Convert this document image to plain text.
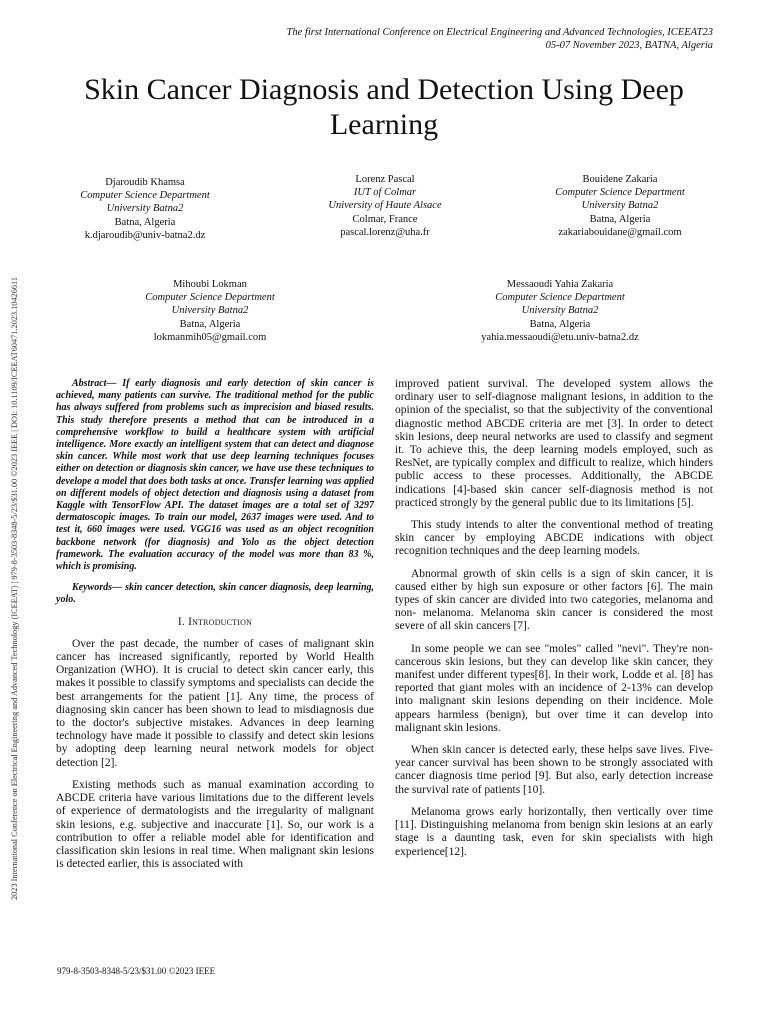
The first International Conference on Electrical Engineering and Advanced Technologies, ICEEAT23
05-07 November 2023, BATNA, Algeria
2023 International Conference on Electrical Engineering and Advanced Technology (ICEEAT) | 979-8-3503-8348-5/23/$31.00 ©2023 IEEE | DOI: 10.1109/ICEEAT60471.2023.10426611
Skin Cancer Diagnosis and Detection Using Deep Learning
Djaroudib Khamsa
Computer Science Department
University Batna2
Batna, Algeria
k.djaroudib@univ-batna2.dz
Lorenz Pascal
IUT of Colmar
University of Haute Alsace
Colmar, France
pascal.lorenz@uha.fr
Bouidene Zakaria
Computer Science Department
University Batna2
Batna, Algeria
zakariabouidane@gmail.com
Mihoubi Lokman
Computer Science Department
University Batna2
Batna, Algeria
lokmanmih05@gmail.com
Messaoudi Yahia Zakaria
Computer Science Department
University Batna2
Batna, Algeria
yahia.messaoudi@etu.univ-batna2.dz

Abstract— If early diagnosis and early detection of skin cancer is achieved, many patients can survive. The traditional method for the public has always suffered from problems such as imprecision and biased results. This study therefore presents a method that can be introduced in a comprehensive workflow to build a healthcare system with artificial intelligence. More exactly an intelligent system that can detect and diagnose skin cancer. While most work that use deep learning techniques focuses either on detection or diagnosis skin cancer, we have use these techniques to develope a model that does both tasks at once. Transfer learning was applied on different models of object detection and diagnosis using a dataset from Kaggle with TensorFlow API. The dataset images are a total set of 3297 dermatoscopic images. To train our model, 2637 images were used. And to test it, 660 images were used. VGG16 was used as an object recognition backbone network (for diagnosis) and Yolo as the object detection framework. The evaluation accuracy of the model was more than 83 %, which is promising.

Keywords— skin cancer detection, skin cancer diagnosis, deep learning, yolo.

I. Introduction

Over the past decade, the number of cases of malignant skin cancer has increased significantly, reported by World Health Organization (WHO). It is crucial to detect skin cancer early, this makes it possible to classify symptoms and specialists can decide the best arrangements for the patient [1]. Any time, the process of diagnosing skin cancer has been shown to lead to misdiagnosis due to the doctor's subjective mistakes. Advances in deep learning technology have made it possible to classify and detect skin lesions by adopting deep learning neural network models for object detection [2].

Existing methods such as manual examination according to ABCDE criteria have various limitations due to the different levels of experience of dermatologists and the irregularity of malignant skin lesions, e.g. subjective and inaccurate [1]. So, our work is a contribution to offer a reliable model able for identification and classification skin lesions in real time. When malignant skin lesions is detected earlier, this is associated with

improved patient survival. The developed system allows the ordinary user to self-diagnose malignant lesions, in addition to the opinion of the specialist, so that the subjectivity of the conventional diagnostic method ABCDE criteria are met [3]. In order to detect skin lesions, deep neural networks are used to classify and segment it. To achieve this, the deep learning models employed, such as ResNet, are typically complex and difficult to realize, which hinders public access to these processes. Additionally, the ABCDE indications [4]-based skin cancer self-diagnosis method is not practiced strongly by the general public due to its limitations [5].

This study intends to alter the conventional method of treating skin cancer by employing ABCDE indications with object recognition techniques and the deep learning models.

Abnormal growth of skin cells is a sign of skin cancer, it is caused either by high sun exposure or other factors [6]. The main types of skin cancer are divided into two categories, melanoma and non- melanoma. Melanoma skin cancer is considered the most severe of all skin cancers [7].

In some people we can see "moles" called "nevi". They're non-cancerous skin lesions, but they can develop like skin cancer, they manifest under different types[8]. In their work, Lodde et al. [8] has reported that giant moles with an incidence of 2-13% can develop into malignant skin lesions depending on their incidence. Mole appears harmless (benign), but over time it can develop into malignant skin lesions.

When skin cancer is detected early, these helps save lives. Five-year cancer survival has been shown to be strongly associated with cancer diagnosis time period [9]. But also, early detection increase the survival rate of patients [10].

Melanoma grows early horizontally, then vertically over time [11]. Distinguishing melanoma from benign skin lesions at an early stage is a daunting task, even for skin specialists with high experience[12].

979-8-3503-8348-5/23/$31.00 ©2023 IEEE
